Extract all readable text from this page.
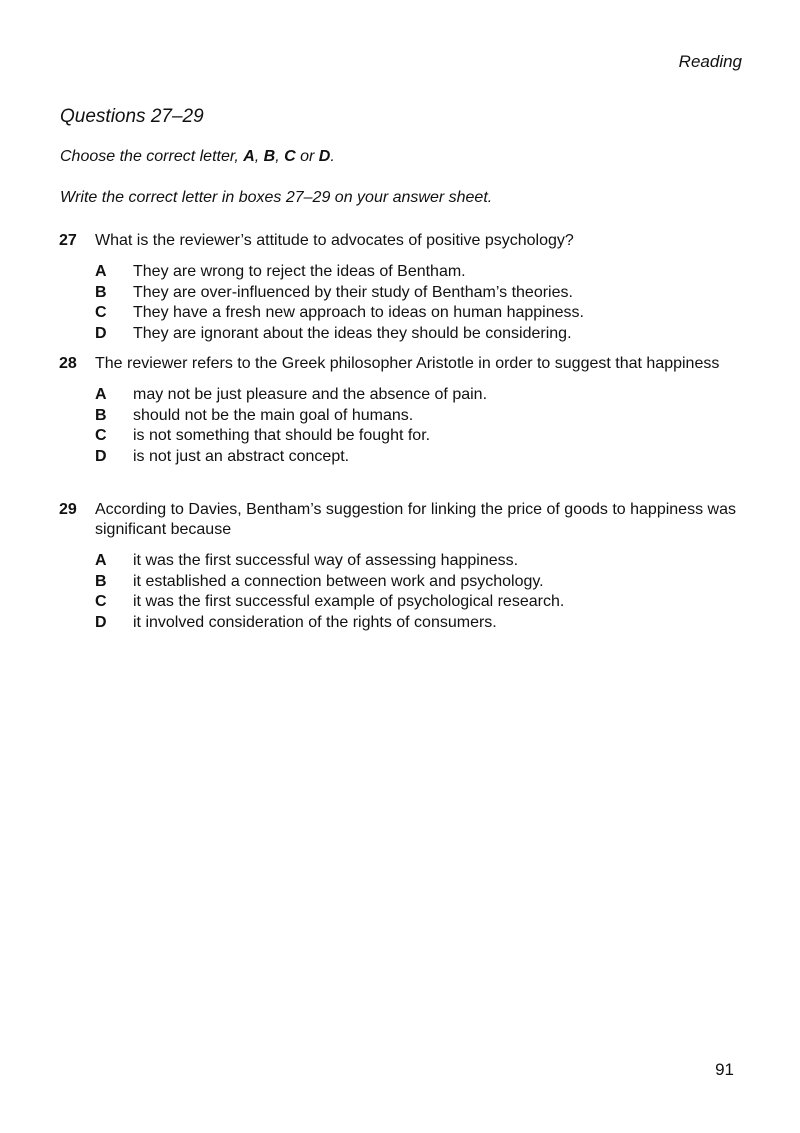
Reading
Questions 27–29
Choose the correct letter, A, B, C or D.
Write the correct letter in boxes 27–29 on your answer sheet.
27	What is the reviewer’s attitude to advocates of positive psychology?
A	They are wrong to reject the ideas of Bentham.
B	They are over-influenced by their study of Bentham’s theories.
C	They have a fresh new approach to ideas on human happiness.
D	They are ignorant about the ideas they should be considering.
28	The reviewer refers to the Greek philosopher Aristotle in order to suggest that happiness
A	may not be just pleasure and the absence of pain.
B	should not be the main goal of humans.
C	is not something that should be fought for.
D	is not just an abstract concept.
29	According to Davies, Bentham’s suggestion for linking the price of goods to happiness was significant because
A	it was the first successful way of assessing happiness.
B	it established a connection between work and psychology.
C	it was the first successful example of psychological research.
D	it involved consideration of the rights of consumers.
91
